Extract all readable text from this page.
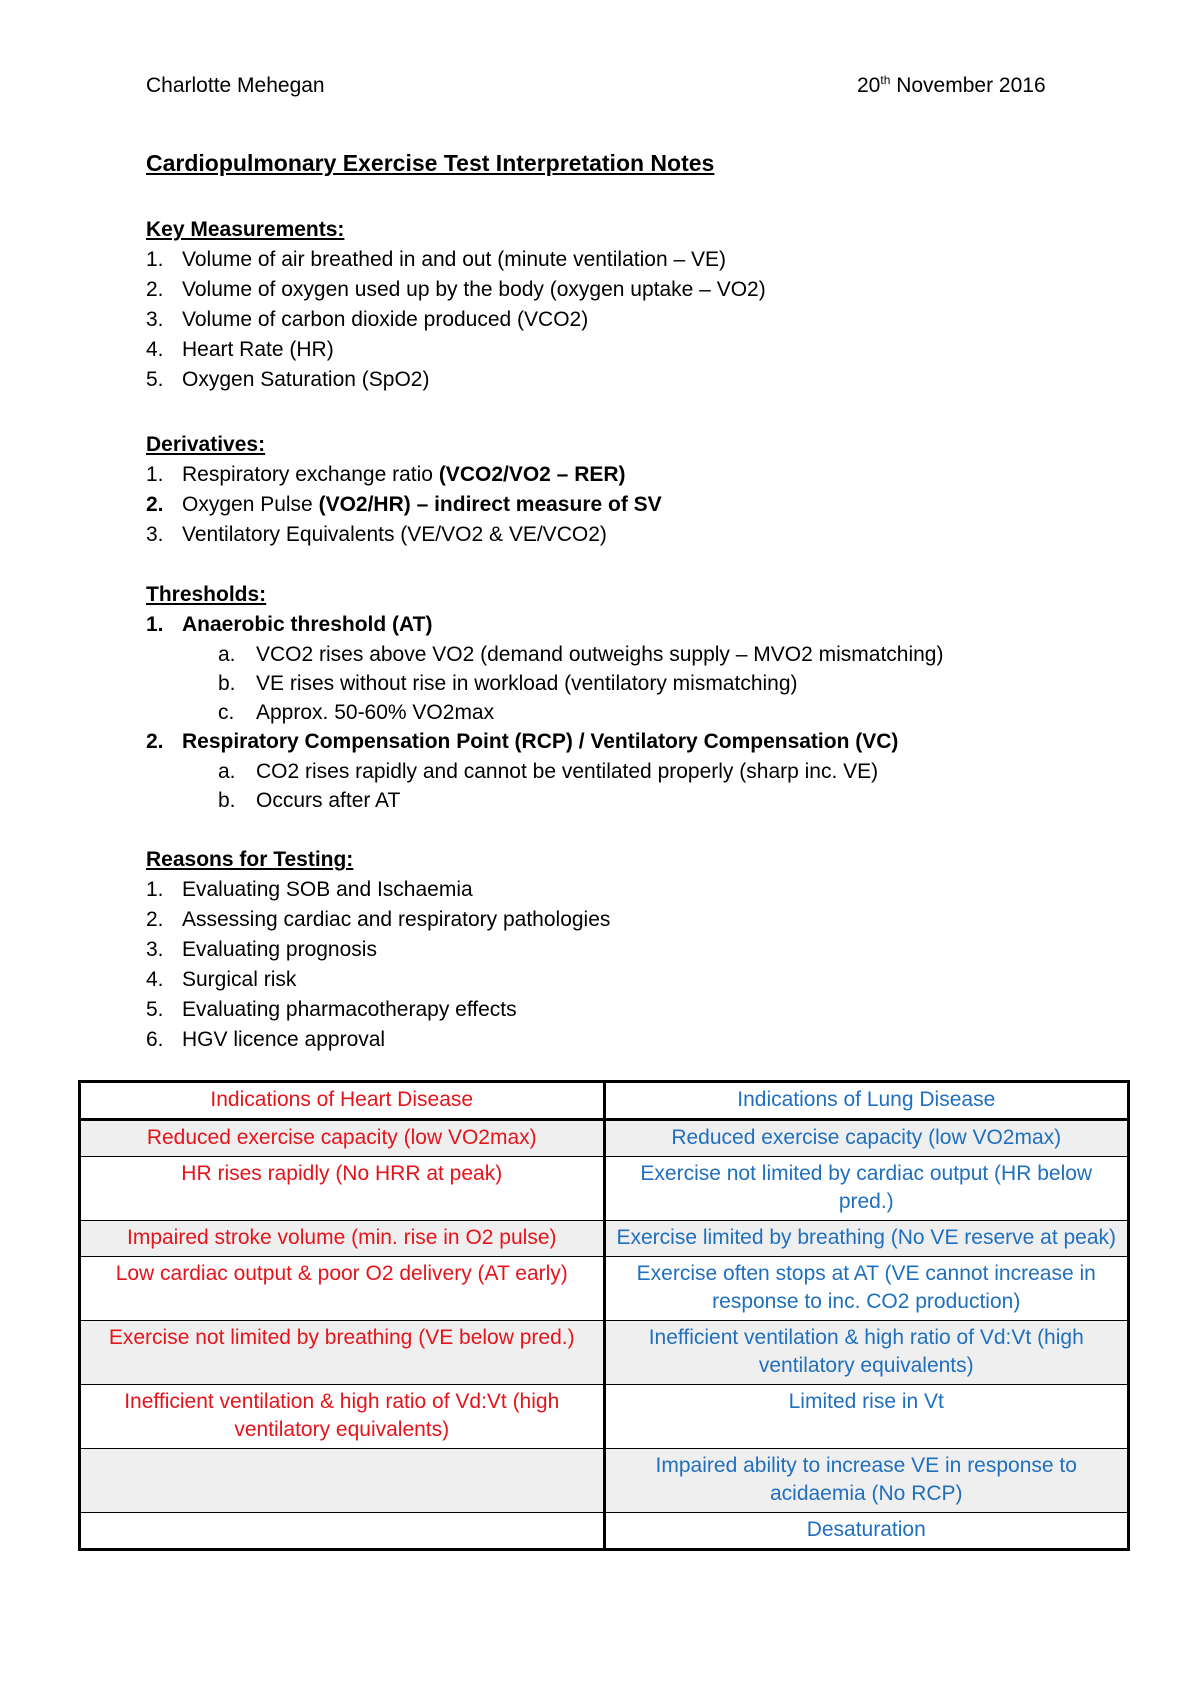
Charlotte Mehegan	20th November 2016
Cardiopulmonary Exercise Test Interpretation Notes
Key Measurements:
1. Volume of air breathed in and out (minute ventilation – VE)
2. Volume of oxygen used up by the body (oxygen uptake – VO2)
3. Volume of carbon dioxide produced (VCO2)
4. Heart Rate (HR)
5. Oxygen Saturation (SpO2)
Derivatives:
1. Respiratory exchange ratio (VCO2/VO2 – RER)
2. Oxygen Pulse (VO2/HR) – indirect measure of SV
3. Ventilatory Equivalents (VE/VO2 & VE/VCO2)
Thresholds:
1. Anaerobic threshold (AT)
a. VCO2 rises above VO2 (demand outweighs supply – MVO2 mismatching)
b. VE rises without rise in workload (ventilatory mismatching)
c.	Approx. 50-60% VO2max
2. Respiratory Compensation Point (RCP) / Ventilatory Compensation (VC)
a. CO2 rises rapidly and cannot be ventilated properly (sharp inc. VE)
b. Occurs after AT
Reasons for Testing:
1. Evaluating SOB and Ischaemia
2. Assessing cardiac and respiratory pathologies
3. Evaluating prognosis
4. Surgical risk
5. Evaluating pharmacotherapy effects
6. HGV licence approval
Indications of Heart Disease	Indications of Lung Disease
Reduced exercise capacity (low VO2max)	Reduced exercise capacity (low VO2max)
HR rises rapidly (No HRR at peak)	Exercise not limited by cardiac output (HR below pred.)
Impaired stroke volume (min. rise in O2 pulse)	Exercise limited by breathing (No VE reserve at peak)
Low cardiac output & poor O2 delivery (AT early)	Exercise often stops at AT (VE cannot increase in response to inc. CO2 production)
Exercise not limited by breathing (VE below pred.)	Inefficient ventilation & high ratio of Vd:Vt (high ventilatory equivalents)
Inefficient ventilation & high ratio of Vd:Vt (high ventilatory equivalents)	Limited rise in Vt
	Impaired ability to increase VE in response to acidaemia (No RCP)
	Desaturation
